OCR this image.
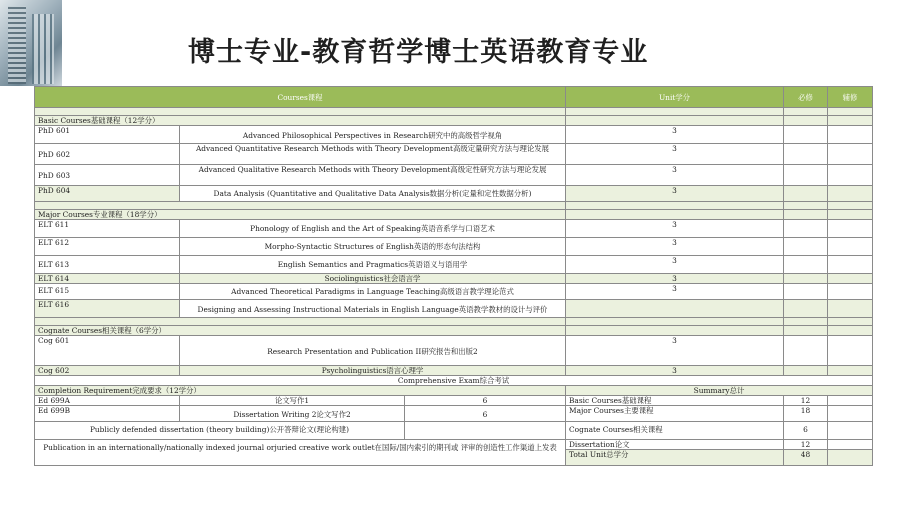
博士专业-教育哲学博士英语教育专业
Courses课程		Unit学分	必修	辅修

Basic Courses基础课程（12学分）				
PhD 601	Advanced Philosophical Perspectives in Research研究中的高级哲学视角	3		
PhD 602	Advanced Quantitative Research Methods with Theory Development高级定量研究方法与理论发展	3		
PhD 603	Advanced Qualitative Research Methods with Theory Development高级定性研究方法与理论发展	3		
PhD 604	Data Analysis (Quantitative and Qualitative Data Analysis数据分析(定量和定性数据分析)	3		

Major Courses专业课程（18学分）				
ELT 611	Phonology of English and the Art of Speaking英语音系学与口语艺术	3		
ELT 612	Morpho-Syntactic Structures of English英语的形态句法结构	3		
ELT 613	English Semantics and Pragmatics英语语义与语用学	3		
ELT 614	Sociolinguistics社会语言学	3		
ELT 615	Advanced Theoretical Paradigms in Language Teaching高级语言教学理论范式	3		
ELT 616	Designing and Assessing Instructional Materials in English Language英语教学教材的设计与评价			

Cognate Courses相关课程（6学分）				
Cog 601	Research Presentation and Publication II研究报告和出版2	3		
Cog 602	Psycholinguistics语言心理学	3		
Comprehensive Exam综合考试				
Completion Requirement完成要求（12学分）		Summary总计		
Ed 699A	论文写作1	6	Basic Courses基础课程	12	
Ed 699B	Dissertation Writing 2论文写作2	6	Major Courses主要课程	18	
Publicly defended dissertation (theory building)公开答辩论文(理论构建)			Cognate Courses相关课程	6	
Publication in an internationally/nationally indexed journal orjuried creative work outlet在国际/国内索引的期刊或 评审的创造性工作渠道上发表			Dissertation论文	12	
			Total Unit总学分	48	
